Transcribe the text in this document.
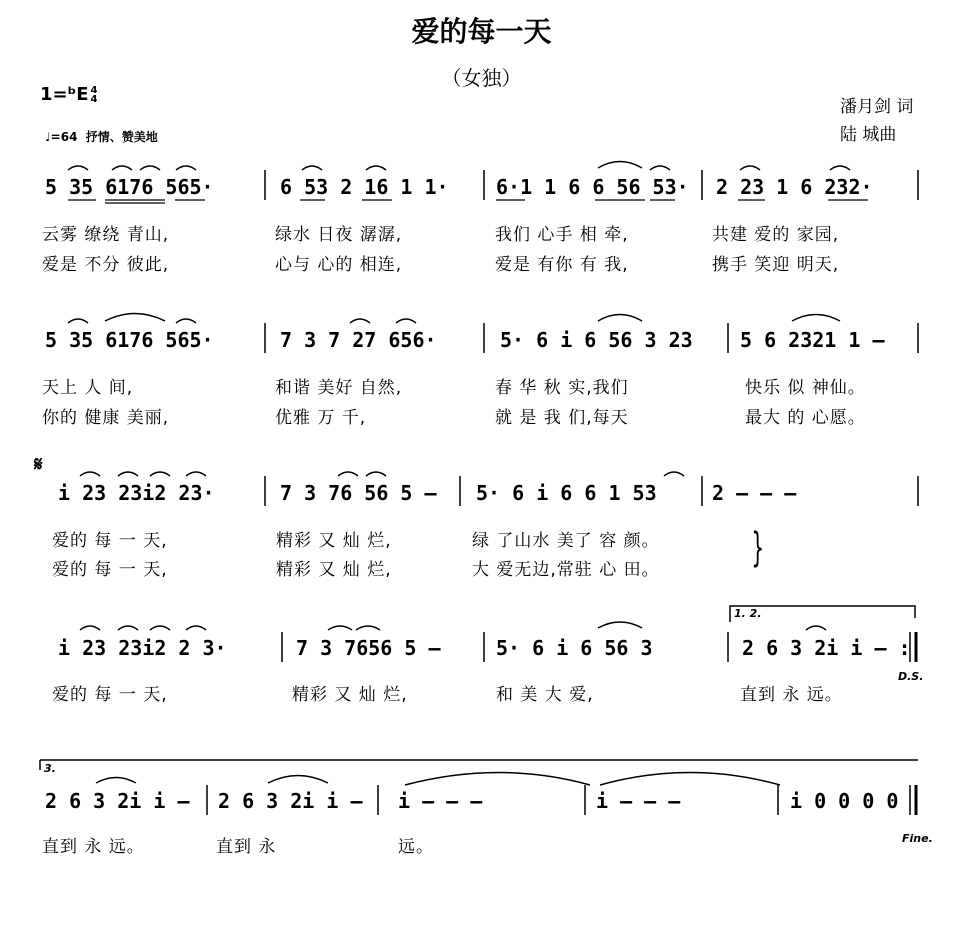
爱的每一天
（女独）
1=ᵇE 4
4
♩=64 抒情、赞美地
潘月剑 词
陆 城曲
5 35 6176 565·	6 53 2 16 1 1· 6·1 1 6 6 56 53· 2 23 1 6 232·
云雾 缭绕 青山,	绿水 日夜 潺潺,	我们 心手 相 牵,	共建 爱的 家园,
爱是 不分 彼此,	心与 心的 相连,	爱是 有你 有 我,	携手 笑迎 明天,
5 35 6176 565·	7 3 7 27 656·	5· 6 i 6 56 3 23 5 6 2321 1 –
天上 人 间,	和谐 美好 自然,	春 华 秋 实,我们	快乐 似 神仙。
你的 健康 美丽,	优雅 万 千,	就 是 我 们,每天	最大 的 心愿。
𝄋
i 23 23i2 23·	7 3 76 56 5 – 5· 6 i 6 6 1 53	2 – – –
爱的 每 一 天,	精彩 又 灿 烂,	绿 了山水 美了 容 颜。
爱的 每 一 天,	精彩 又 灿 烂,	大 爱无边,常驻 心 田。 }
1. 2.
i 23 23i2 2 3·	7 3 7656 5 –	5· 6 i 6 56 3	2 6 3 2i i – :
D.S.
爱的 每 一 天,	精彩 又 灿 烂,	和 美 大 爱,	直到 永 远。
3.
2 6 3 2i i – 2 6 3 2i i – i – – –	i – – –	i 0 0 0 0
直到 永 远。	直到 永	远。	Fine.
